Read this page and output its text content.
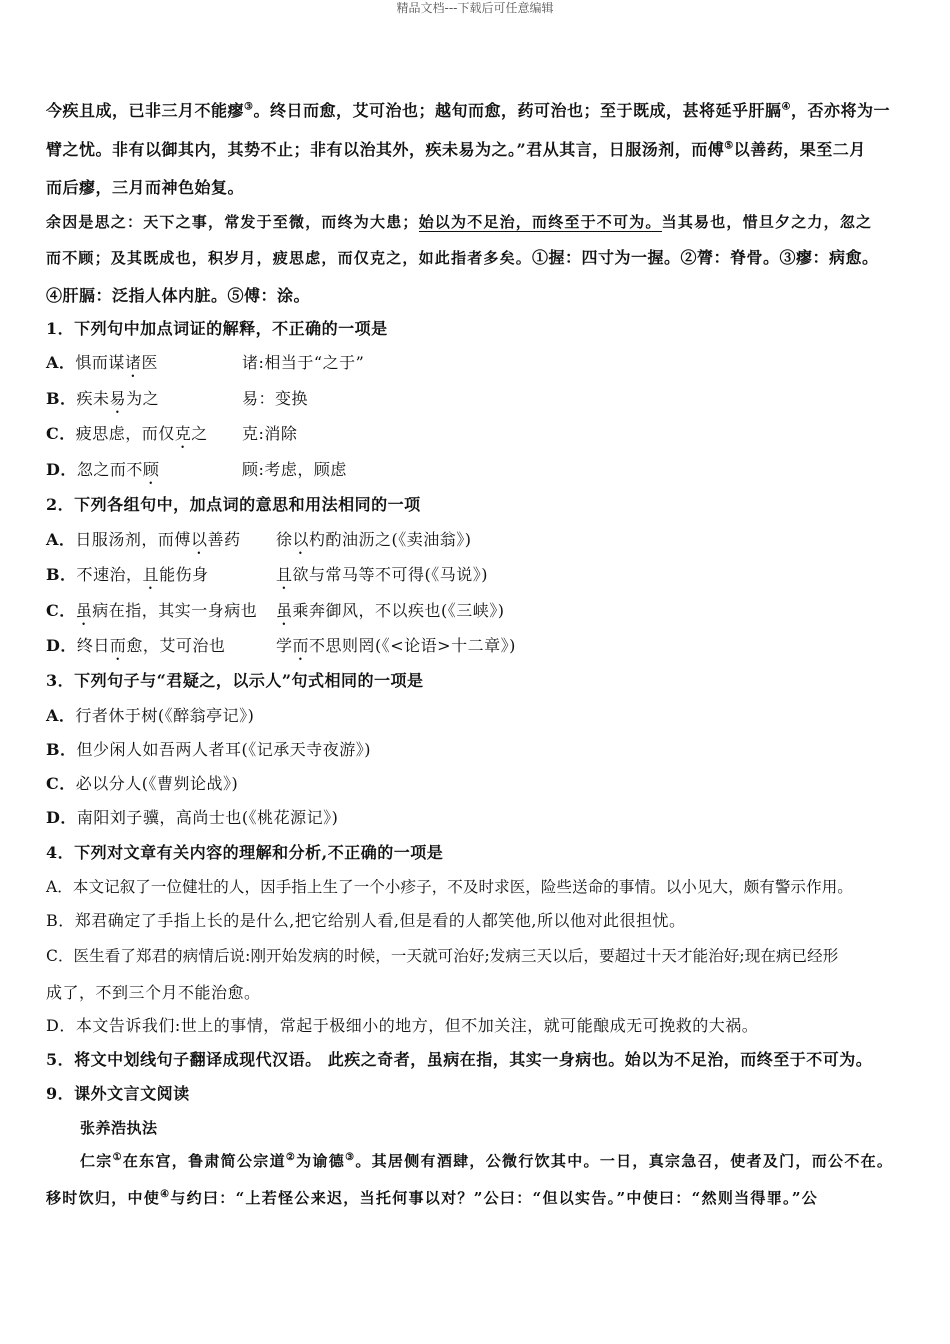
精品文档---下载后可任意编辑
今疾且成，已非三月不能瘳③。终日而愈，艾可治也；越旬而愈，药可治也；至于既成，甚将延乎肝膈④，否亦将为一
臂之忧。非有以御其内，其势不止；非有以治其外，疾未易为之。”君从其言，日服汤剂，而傅⑤以善药，果至二月
而后瘳，三月而神色始复。
余因是思之：天下之事，常发于至微，而终为大患；始以为不足治，而终至于不可为。当其易也，惜旦夕之力，忽之
而不顾；及其既成也，积岁月，疲思虑，而仅克之，如此指者多矣。①握：四寸为一握。②膂：脊骨。③瘳：病愈。
④肝膈：泛指人体内脏。⑤傅：涂。
1．下列句中加点词证的解释，不正确的一项是
A．惧而谋诸医	诸:相当于“之于”
B．疾未易为之	易：变换
C．疲思虑，而仅克之 克:消除
D．忽之而不顾	顾:考虑，顾虑
2．下列各组句中，加点词的意思和用法相同的一项
A．日服汤剂，而傅以善药 徐以杓酌油沥之(《卖油翁》)
B．不速治，且能伤身	且欲与常马等不可得(《马说》)
C．虽病在指，其实一身病也 虽乘奔御风，不以疾也(《三峡》)
D．终日而愈，艾可治也	学而不思则罔(《<论语>十二章》)
3．下列句子与“君疑之，以示人”句式相同的一项是
A．行者休于树(《醉翁亭记》)
B．但少闲人如吾两人者耳(《记承天寺夜游》)
C．必以分人(《曹刿论战》)
D．南阳刘子骥，高尚士也(《桃花源记》)
4．下列对文章有关内容的理解和分析,不正确的一项是
A．本文记叙了一位健壮的人，因手指上生了一个小疹子，不及时求医，险些送命的事情。以小见大，颇有警示作用。
B．郑君确定了手指上长的是什么,把它给别人看,但是看的人都笑他,所以他对此很担忧。
C．医生看了郑君的病情后说:刚开始发病的时候，一天就可治好;发病三天以后，要超过十天才能治好;现在病已经形
成了，不到三个月不能治愈。
D．本文告诉我们:世上的事情，常起于极细小的地方，但不加关注，就可能酿成无可挽救的大祸。
5．将文中划线句子翻译成现代汉语。 此疾之奇者，虽病在指，其实一身病也。始以为不足治，而终至于不可为。
9．课外文言文阅读
张养浩执法
仁宗①在东宫，鲁肃简公宗道②为谕德③。其居侧有酒肆，公微行饮其中。一日，真宗急召，使者及门，而公不在。
移时饮归，中使④与约曰：“上若怪公来迟，当托何事以对？”公曰：“但以实告。”中使曰：“然则当得罪。”公
